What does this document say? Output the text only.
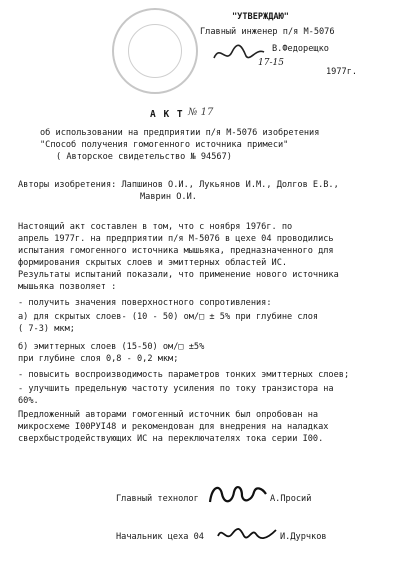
"УТВЕРЖДАЮ"
Главный инженер п/я М-5076
В.Федорещко
17-15
1977г.
А К Т № 17
об использовании на предприятии п/я М-5076 изобретения
"Способ получения гомогенного источника примеси"
( Авторское свидетельство № 94567)
Авторы изобретения: Лапшинов О.И., Лукьянов И.М., Долгов Е.В.,
Маврин О.И.
Настоящий акт составлен в том, что с ноября 1976г. по
апрель 1977г. на предприятии п/я М-5076 в цехе 04 проводились
испытания гомогенного источника мышьяка, предназначенного для
формирования скрытых слоев и эмиттерных областей ИС.
Результаты испытаний показали, что применение нового источника
мышьяка позволяет :
- получить значения поверхностного сопротивления:
а) для скрытых слоев- (10 - 50) ом/□ ± 5% при глубине слоя
( 7-3) мкм;
б) эмиттерных слоев (15-50) ом/□ ±5%
при глубине слоя 0,8 - 0,2 мкм;
- повысить воспроизводимость параметров тонких эмиттерных слоев;
- улучшить предельную частоту усиления по току транзистора на
60%.
Предложенный авторами гомогенный источник был опробован на
микросхеме I00РУI48 и рекомендован для внедрения на наладках
сверхбыстродействующих ИС на переключателях тока серии I00.
Главный технолог	А.Просий
Начальник цеха 04	И.Дурчков
